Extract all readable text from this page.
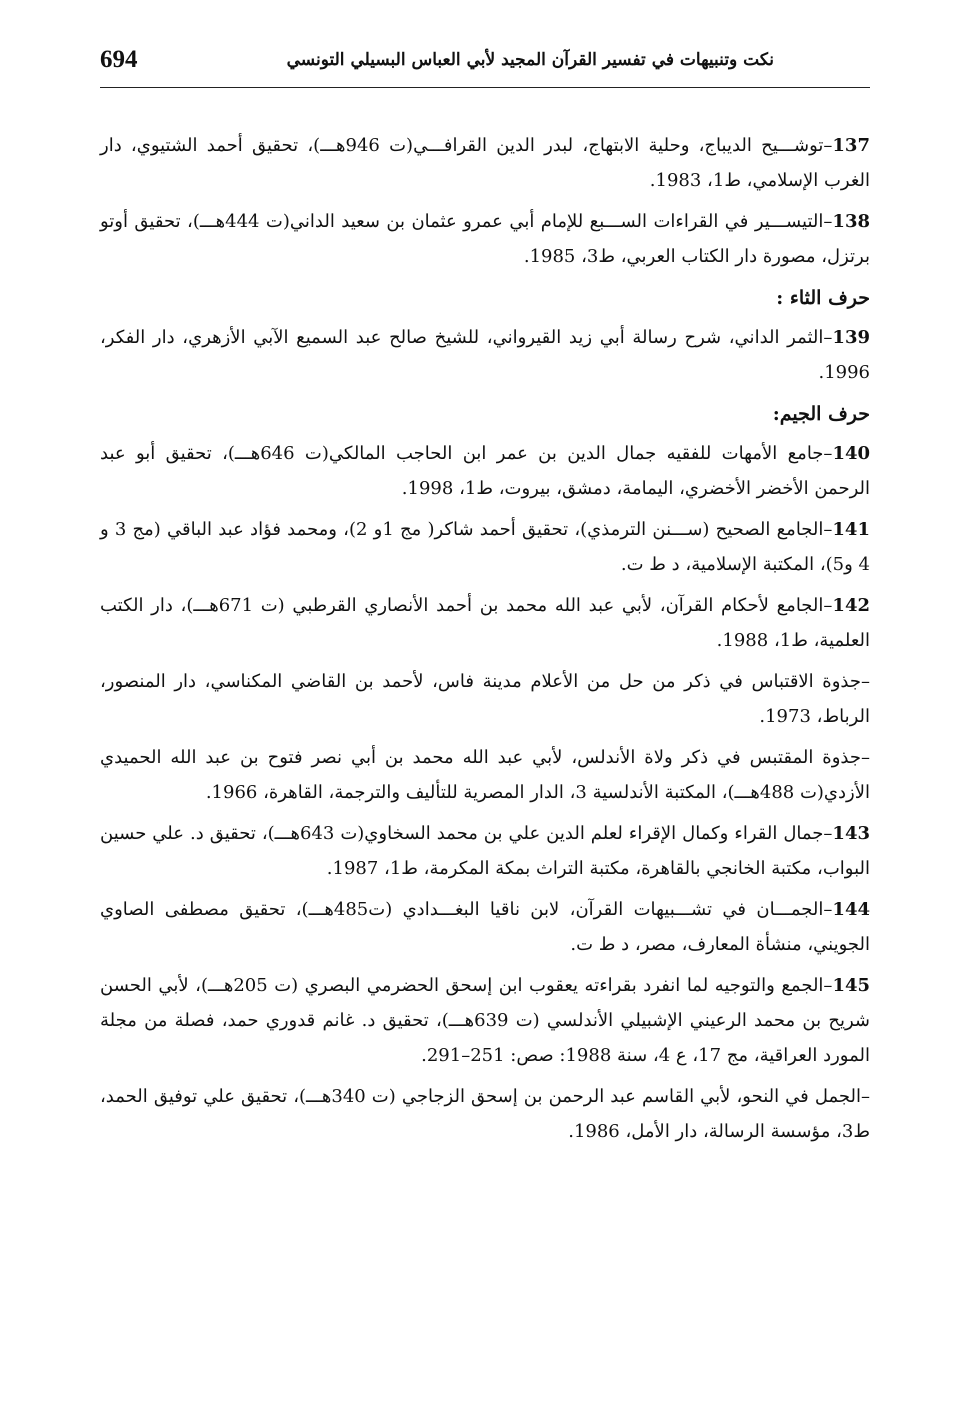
694	نكت وتنبيهات في تفسير القرآن المجيد لأبي العباس البسيلي التونسي

137–توشـــيح الديباج، وحلية الابتهاج، لبدر الدين القرافـــي(ت 946هـــ)، تحقيق أحمد الشتيوي، دار الغرب الإسلامي، ط1، 1983.

138–التيســـير في القراءات الســـبع للإمام أبي عمرو عثمان بن سعيد الداني(ت 444هـــ)، تحقيق أوتو برتزل، مصورة دار الكتاب العربي، ط3، 1985.

حرف الثاء :

139–الثمر الداني، شرح رسالة أبي زيد القيرواني، للشيخ صالح عبد السميع الآبي الأزهري، دار الفكر، 1996.

حرف الجيم:

140–جامع الأمهات للفقيه جمال الدين بن عمر ابن الحاجب المالكي(ت 646هـــ)، تحقيق أبو عبد الرحمن الأخضر الأخضري، اليمامة، دمشق، بيروت، ط1، 1998.

141–الجامع الصحيح (ســـنن الترمذي)، تحقيق أحمد شاكر( مج 1و 2)، ومحمد فؤاد عبد الباقي (مج 3 و 4 و5)، المكتبة الإسلامية، د ط ت.

142–الجامع لأحكام القرآن، لأبي عبد الله محمد بن أحمد الأنصاري القرطبي (ت 671هـــ)، دار الكتب العلمية، ط1، 1988.

–جذوة الاقتباس في ذكر من حل من الأعلام مدينة فاس، لأحمد بن القاضي المكناسي، دار المنصور، الرباط، 1973.

–جذوة المقتبس في ذكر ولاة الأندلس، لأبي عبد الله محمد بن أبي نصر فتوح بن عبد الله الحميدي الأزدي(ت 488هـــ)، المكتبة الأندلسية 3، الدار المصرية للتأليف والترجمة، القاهرة، 1966.

143–جمال القراء وكمال الإقراء لعلم الدين علي بن محمد السخاوي(ت 643هـــ)، تحقيق د. علي حسين البواب، مكتبة الخانجي بالقاهرة، مكتبة التراث بمكة المكرمة، ط1، 1987.

144–الجمـــان في تشـــبيهات القرآن، لابن ناقيا البغـــدادي (ت485هـــ)، تحقيق مصطفى الصاوي الجويني، منشأة المعارف، مصر، د ط ت.

145–الجمع والتوجيه لما انفرد بقراءته يعقوب ابن إسحق الحضرمي البصري (ت 205هـــ)، لأبي الحسن شريح بن محمد الرعيني الإشبيلي الأندلسي (ت 639هـــ)، تحقيق د. غانم قدوري حمد، فصلة من مجلة المورد العراقية، مج 17، ع 4، سنة 1988: صص: 251–291.

–الجمل في النحو، لأبي القاسم عبد الرحمن بن إسحق الزجاجي (ت 340هـــ)، تحقيق علي توفيق الحمد، ط3، مؤسسة الرسالة، دار الأمل، 1986.
